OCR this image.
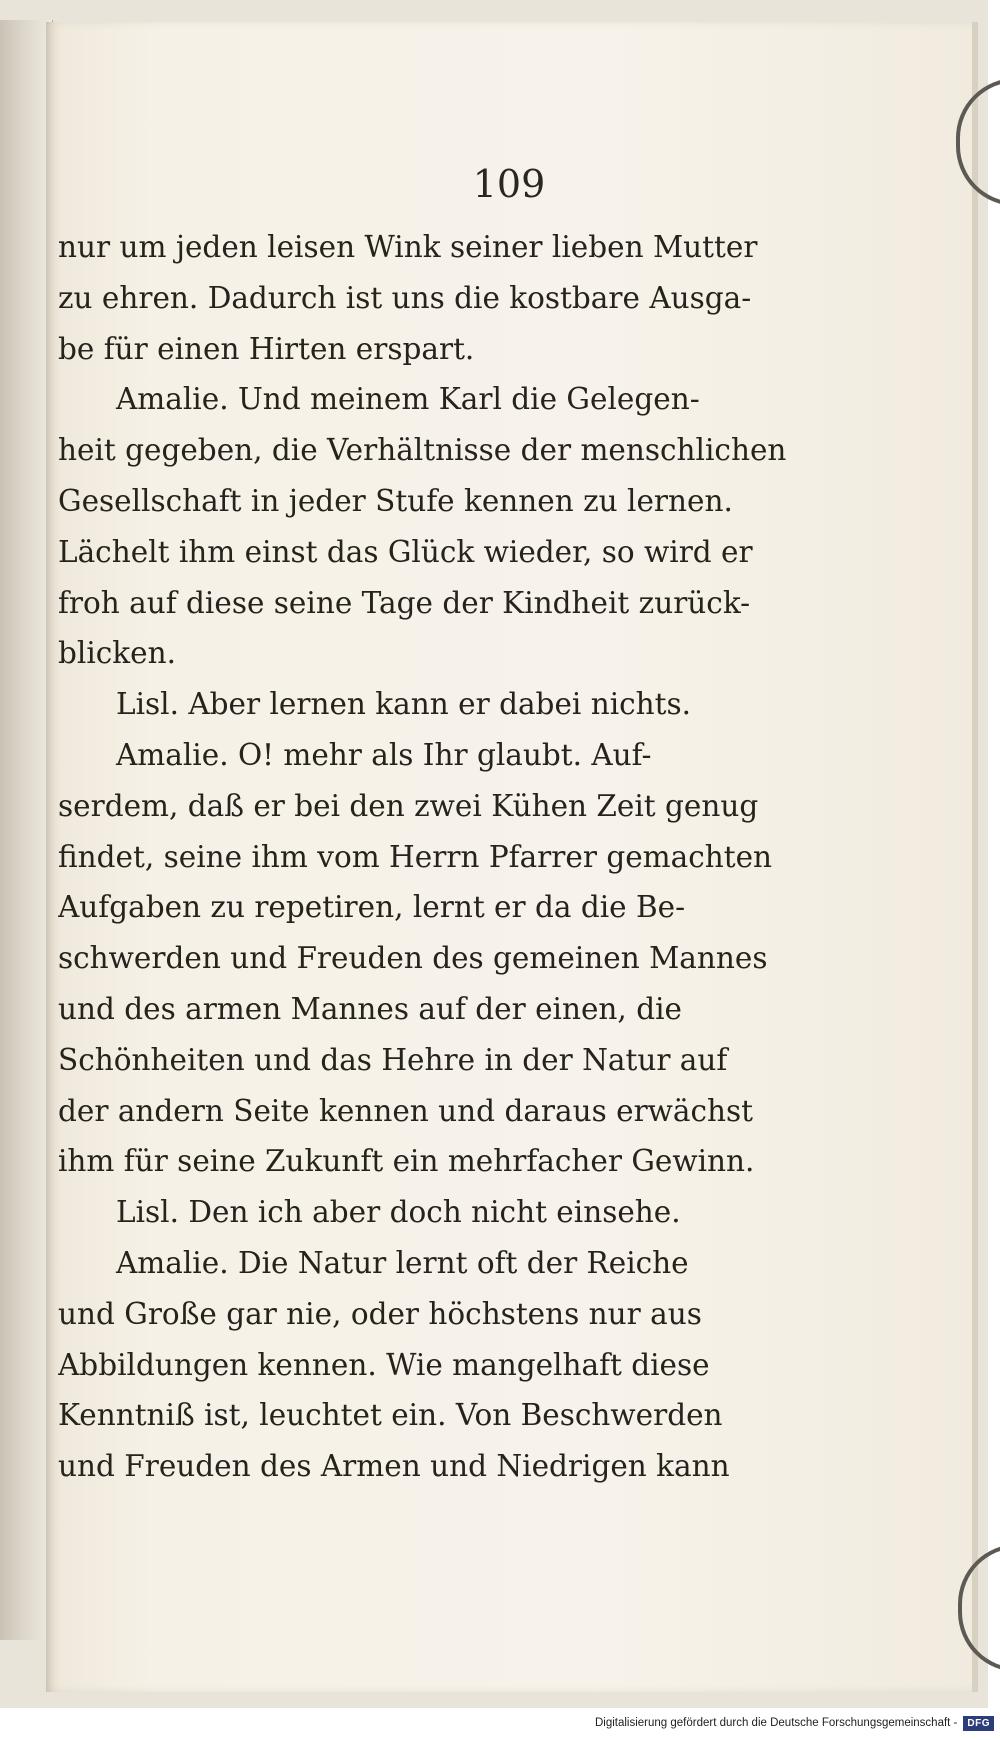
109
nur um jeden leisen Wink seiner lieben Mutter
zu ehren. Dadurch ist uns die kostbare Ausga-
be für einen Hirten erspart.
Amalie. Und meinem Karl die Gelegen-
heit gegeben, die Verhältnisse der menschlichen
Gesellschaft in jeder Stufe kennen zu lernen.
Lächelt ihm einst das Glück wieder, so wird er
froh auf diese seine Tage der Kindheit zurück-
blicken.
Lisl. Aber lernen kann er dabei nichts.
Amalie. O! mehr als Ihr glaubt. Auf-
serdem, daß er bei den zwei Kühen Zeit genug
findet, seine ihm vom Herrn Pfarrer gemachten
Aufgaben zu repetiren, lernt er da die Be-
schwerden und Freuden des gemeinen Mannes
und des armen Mannes auf der einen, die
Schönheiten und das Hehre in der Natur auf
der andern Seite kennen und daraus erwächst
ihm für seine Zukunft ein mehrfacher Gewinn.
Lisl. Den ich aber doch nicht einsehe.
Amalie. Die Natur lernt oft der Reiche
und Große gar nie, oder höchstens nur aus
Abbildungen kennen. Wie mangelhaft diese
Kenntniß ist, leuchtet ein. Von Beschwerden
und Freuden des Armen und Niedrigen kann
Digitalisierung gefördert durch die Deutsche Forschungsgemeinschaft -	DFG
